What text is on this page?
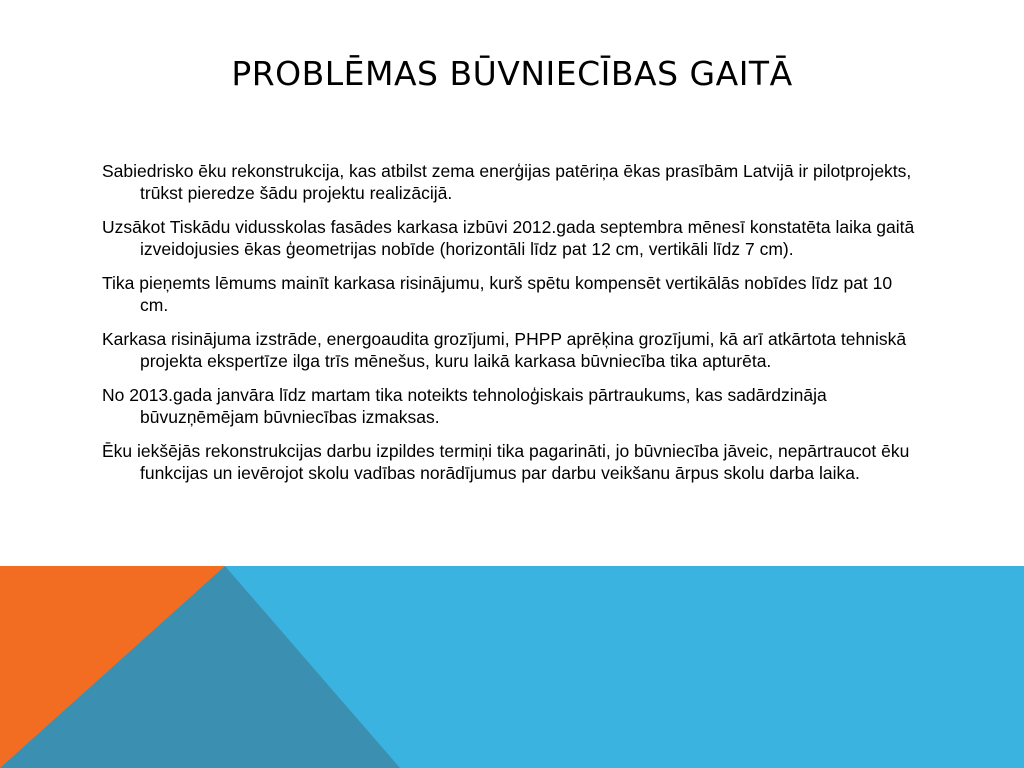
PROBLĒMAS BŪVNIECĪBAS GAITĀ

Sabiedrisko ēku rekonstrukcija, kas atbilst zema enerģijas patēriņa ēkas prasībām Latvijā ir pilotprojekts, trūkst pieredze šādu projektu realizācijā.

Uzsākot Tiskādu vidusskolas fasādes karkasa izbūvi 2012.gada septembra mēnesī konstatēta laika gaitā izveidojusies ēkas ģeometrijas nobīde (horizontāli līdz pat 12 cm, vertikāli līdz 7 cm).

Tika pieņemts lēmums mainīt karkasa risinājumu, kurš spētu kompensēt vertikālās nobīdes līdz pat 10 cm.

Karkasa risinājuma izstrāde, energoaudita grozījumi, PHPP aprēķina grozījumi, kā arī atkārtota tehniskā projekta ekspertīze ilga trīs mēnešus, kuru laikā karkasa būvniecība tika apturēta.

No 2013.gada janvāra līdz martam tika noteikts tehnoloģiskais pārtraukums, kas sadārdzināja būvuzņēmējam būvniecības izmaksas.

Ēku iekšējās rekonstrukcijas darbu izpildes termiņi tika pagarināti, jo būvniecība jāveic, nepārtraucot ēku funkcijas un ievērojot skolu vadības norādījumus par darbu veikšanu ārpus skolu darba laika.
